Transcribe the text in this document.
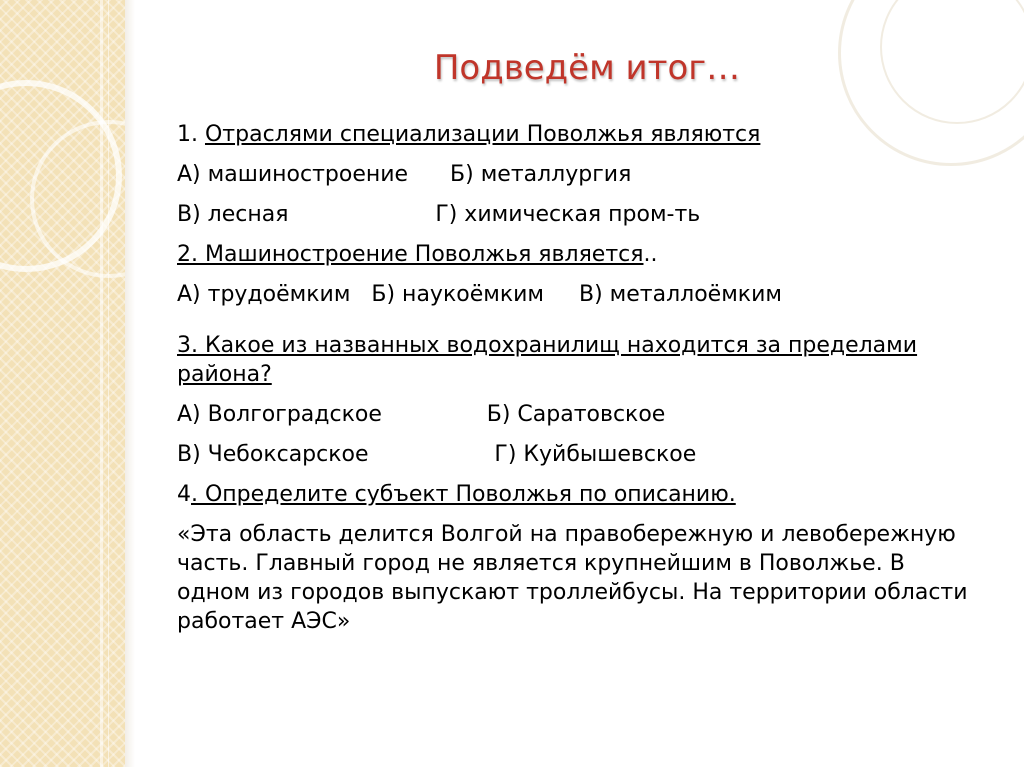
Подведём итог…

1. Отраслями специализации Поволжья являются

А) машиностроение      Б) металлургия

В) лесная                     Г) химическая пром-ть

2. Машиностроение Поволжья является..

А) трудоёмким   Б) наукоёмким     В) металлоёмким

3. Какое из названных водохранилищ находится за пределами района?

А) Волгоградское               Б) Саратовское

В) Чебоксарское                  Г) Куйбышевское

4. Определите субъект Поволжья по описанию.

«Эта область делится Волгой на правобережную и левобережную часть. Главный город не является крупнейшим в Поволжье. В одном из городов выпускают троллейбусы. На территории области работает АЭС»
